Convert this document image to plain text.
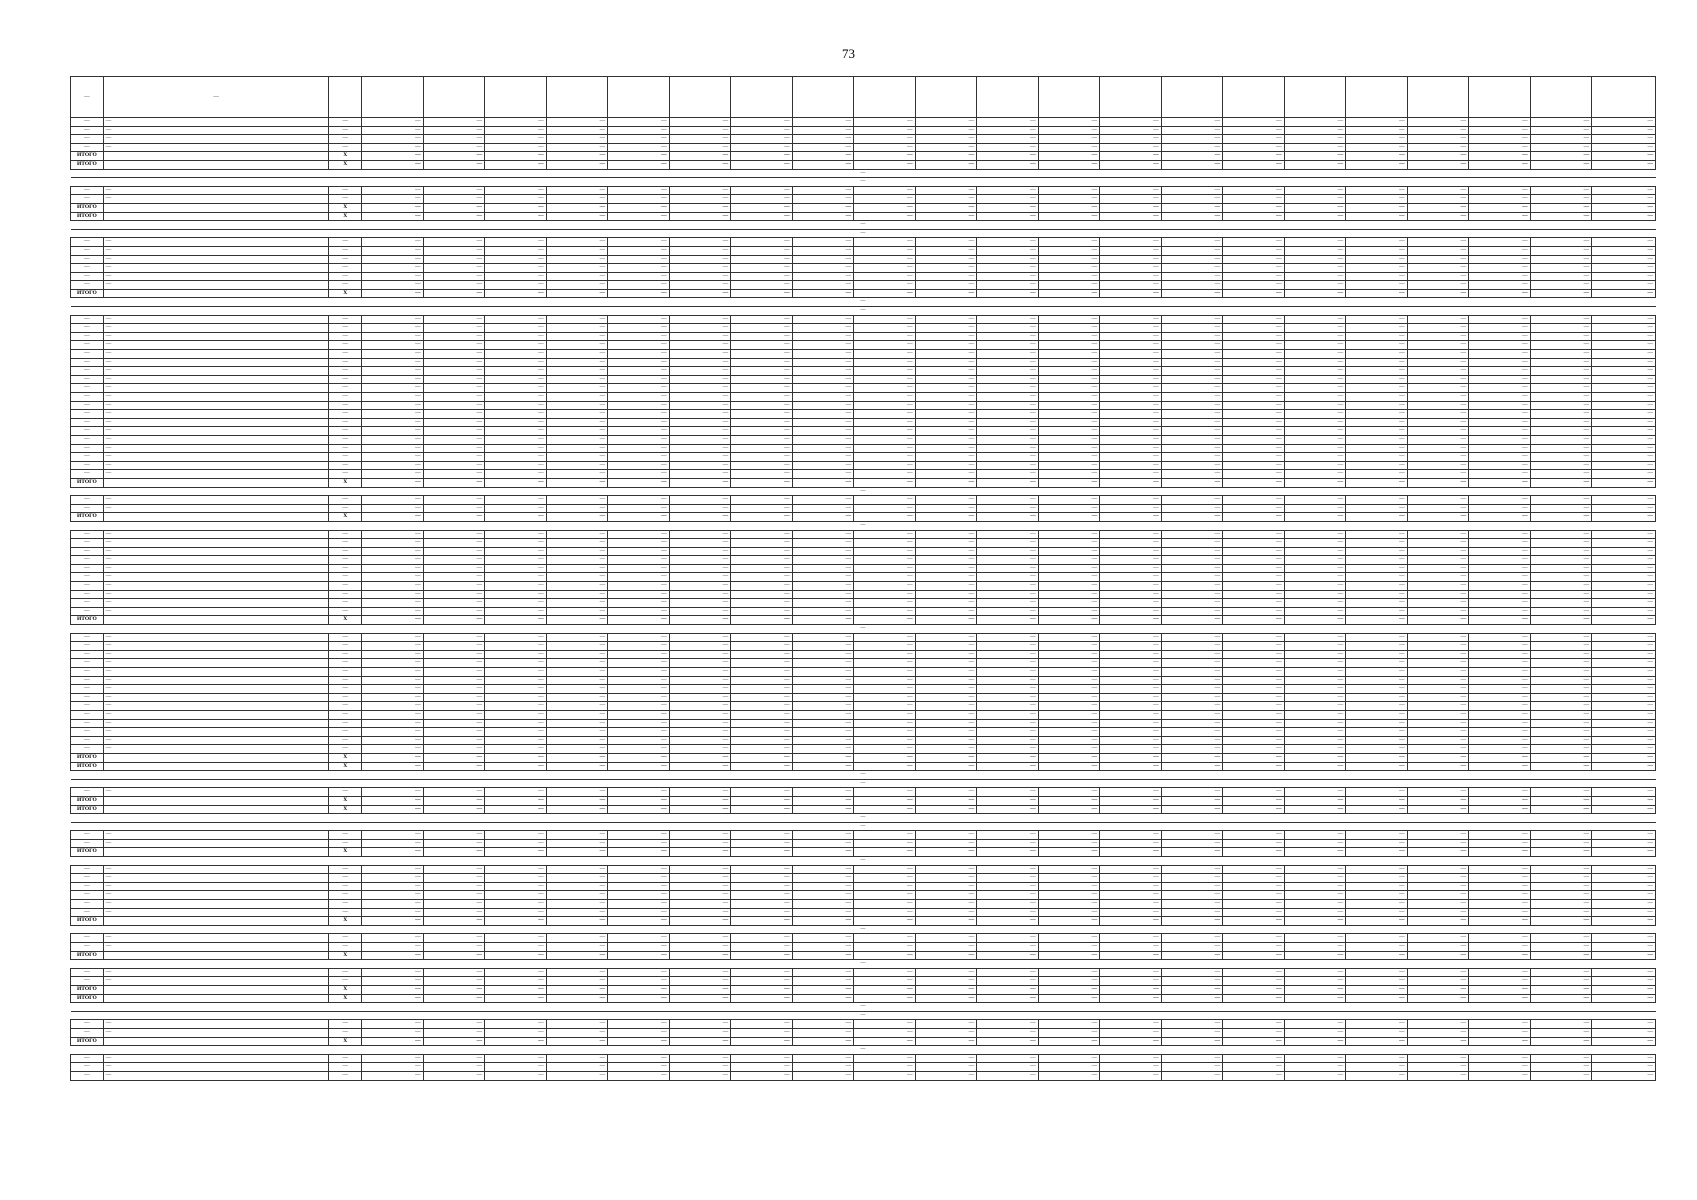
73
—	—																						
—	—	—	—	—	—	—	—	—	—	—	—	—	—	—	—	—	—	—	—	—	—	—	—
—	—	—	—	—	—	—	—	—	—	—	—	—	—	—	—	—	—	—	—	—	—	—	—
—	—	—	—	—	—	—	—	—	—	—	—	—	—	—	—	—	—	—	—	—	—	—	—
—	—	—	—	—	—	—	—	—	—	—	—	—	—	—	—	—	—	—	—	—	—	—	—
ИТОГО		X	—	—	—	—	—	—	—	—	—	—	—	—	—	—	—	—	—	—	—	—	—
ИТОГО		X	—	—	—	—	—	—	—	—	—	—	—	—	—	—	—	—	—	—	—	—	—
—																							
—																							
—	—	—	—	—	—	—	—	—	—	—	—	—	—	—	—	—	—	—	—	—	—	—	—
—	—	—	—	—	—	—	—	—	—	—	—	—	—	—	—	—	—	—	—	—	—	—	—
ИТОГО		X	—	—	—	—	—	—	—	—	—	—	—	—	—	—	—	—	—	—	—	—	—
ИТОГО		X	—	—	—	—	—	—	—	—	—	—	—	—	—	—	—	—	—	—	—	—	—
—																							
—																							
—	—	—	—	—	—	—	—	—	—	—	—	—	—	—	—	—	—	—	—	—	—	—	—
—	—	—	—	—	—	—	—	—	—	—	—	—	—	—	—	—	—	—	—	—	—	—	—
—	—	—	—	—	—	—	—	—	—	—	—	—	—	—	—	—	—	—	—	—	—	—	—
—	—	—	—	—	—	—	—	—	—	—	—	—	—	—	—	—	—	—	—	—	—	—	—
—	—	—	—	—	—	—	—	—	—	—	—	—	—	—	—	—	—	—	—	—	—	—	—
—	—	—	—	—	—	—	—	—	—	—	—	—	—	—	—	—	—	—	—	—	—	—	—
ИТОГО		X	—	—	—	—	—	—	—	—	—	—	—	—	—	—	—	—	—	—	—	—	—
—																							
—																							
—	—	—	—	—	—	—	—	—	—	—	—	—	—	—	—	—	—	—	—	—	—	—	—
—	—	—	—	—	—	—	—	—	—	—	—	—	—	—	—	—	—	—	—	—	—	—	—
—	—	—	—	—	—	—	—	—	—	—	—	—	—	—	—	—	—	—	—	—	—	—	—
—	—	—	—	—	—	—	—	—	—	—	—	—	—	—	—	—	—	—	—	—	—	—	—
—	—	—	—	—	—	—	—	—	—	—	—	—	—	—	—	—	—	—	—	—	—	—	—
—	—	—	—	—	—	—	—	—	—	—	—	—	—	—	—	—	—	—	—	—	—	—	—
—	—	—	—	—	—	—	—	—	—	—	—	—	—	—	—	—	—	—	—	—	—	—	—
—	—	—	—	—	—	—	—	—	—	—	—	—	—	—	—	—	—	—	—	—	—	—	—
—	—	—	—	—	—	—	—	—	—	—	—	—	—	—	—	—	—	—	—	—	—	—	—
—	—	—	—	—	—	—	—	—	—	—	—	—	—	—	—	—	—	—	—	—	—	—	—
—	—	—	—	—	—	—	—	—	—	—	—	—	—	—	—	—	—	—	—	—	—	—	—
—	—	—	—	—	—	—	—	—	—	—	—	—	—	—	—	—	—	—	—	—	—	—	—
—	—	—	—	—	—	—	—	—	—	—	—	—	—	—	—	—	—	—	—	—	—	—	—
—	—	—	—	—	—	—	—	—	—	—	—	—	—	—	—	—	—	—	—	—	—	—	—
—	—	—	—	—	—	—	—	—	—	—	—	—	—	—	—	—	—	—	—	—	—	—	—
—	—	—	—	—	—	—	—	—	—	—	—	—	—	—	—	—	—	—	—	—	—	—	—
—	—	—	—	—	—	—	—	—	—	—	—	—	—	—	—	—	—	—	—	—	—	—	—
—	—	—	—	—	—	—	—	—	—	—	—	—	—	—	—	—	—	—	—	—	—	—	—
—	—	—	—	—	—	—	—	—	—	—	—	—	—	—	—	—	—	—	—	—	—	—	—
ИТОГО		X	—	—	—	—	—	—	—	—	—	—	—	—	—	—	—	—	—	—	—	—	—
—																							
—	—	—	—	—	—	—	—	—	—	—	—	—	—	—	—	—	—	—	—	—	—	—	—
—	—	—	—	—	—	—	—	—	—	—	—	—	—	—	—	—	—	—	—	—	—	—	—
ИТОГО		X	—	—	—	—	—	—	—	—	—	—	—	—	—	—	—	—	—	—	—	—	—
—																							
—	—	—	—	—	—	—	—	—	—	—	—	—	—	—	—	—	—	—	—	—	—	—	—
—	—	—	—	—	—	—	—	—	—	—	—	—	—	—	—	—	—	—	—	—	—	—	—
—	—	—	—	—	—	—	—	—	—	—	—	—	—	—	—	—	—	—	—	—	—	—	—
—	—	—	—	—	—	—	—	—	—	—	—	—	—	—	—	—	—	—	—	—	—	—	—
—	—	—	—	—	—	—	—	—	—	—	—	—	—	—	—	—	—	—	—	—	—	—	—
—	—	—	—	—	—	—	—	—	—	—	—	—	—	—	—	—	—	—	—	—	—	—	—
—	—	—	—	—	—	—	—	—	—	—	—	—	—	—	—	—	—	—	—	—	—	—	—
—	—	—	—	—	—	—	—	—	—	—	—	—	—	—	—	—	—	—	—	—	—	—	—
—	—	—	—	—	—	—	—	—	—	—	—	—	—	—	—	—	—	—	—	—	—	—	—
—	—	—	—	—	—	—	—	—	—	—	—	—	—	—	—	—	—	—	—	—	—	—	—
ИТОГО		X	—	—	—	—	—	—	—	—	—	—	—	—	—	—	—	—	—	—	—	—	—
—																							
—	—	—	—	—	—	—	—	—	—	—	—	—	—	—	—	—	—	—	—	—	—	—	—
—	—	—	—	—	—	—	—	—	—	—	—	—	—	—	—	—	—	—	—	—	—	—	—
—	—	—	—	—	—	—	—	—	—	—	—	—	—	—	—	—	—	—	—	—	—	—	—
—	—	—	—	—	—	—	—	—	—	—	—	—	—	—	—	—	—	—	—	—	—	—	—
—	—	—	—	—	—	—	—	—	—	—	—	—	—	—	—	—	—	—	—	—	—	—	—
—	—	—	—	—	—	—	—	—	—	—	—	—	—	—	—	—	—	—	—	—	—	—	—
—	—	—	—	—	—	—	—	—	—	—	—	—	—	—	—	—	—	—	—	—	—	—	—
—	—	—	—	—	—	—	—	—	—	—	—	—	—	—	—	—	—	—	—	—	—	—	—
—	—	—	—	—	—	—	—	—	—	—	—	—	—	—	—	—	—	—	—	—	—	—	—
—	—	—	—	—	—	—	—	—	—	—	—	—	—	—	—	—	—	—	—	—	—	—	—
—	—	—	—	—	—	—	—	—	—	—	—	—	—	—	—	—	—	—	—	—	—	—	—
—	—	—	—	—	—	—	—	—	—	—	—	—	—	—	—	—	—	—	—	—	—	—	—
—	—	—	—	—	—	—	—	—	—	—	—	—	—	—	—	—	—	—	—	—	—	—	—
—	—	—	—	—	—	—	—	—	—	—	—	—	—	—	—	—	—	—	—	—	—	—	—
ИТОГО		X	—	—	—	—	—	—	—	—	—	—	—	—	—	—	—	—	—	—	—	—	—
ИТОГО		X	—	—	—	—	—	—	—	—	—	—	—	—	—	—	—	—	—	—	—	—	—
—																							
—																							
—	—	—	—	—	—	—	—	—	—	—	—	—	—	—	—	—	—	—	—	—	—	—	—
ИТОГО		X	—	—	—	—	—	—	—	—	—	—	—	—	—	—	—	—	—	—	—	—	—
ИТОГО		X	—	—	—	—	—	—	—	—	—	—	—	—	—	—	—	—	—	—	—	—	—
—																							
—																							
—	—	—	—	—	—	—	—	—	—	—	—	—	—	—	—	—	—	—	—	—	—	—	—
—	—	—	—	—	—	—	—	—	—	—	—	—	—	—	—	—	—	—	—	—	—	—	—
ИТОГО		X	—	—	—	—	—	—	—	—	—	—	—	—	—	—	—	—	—	—	—	—	—
—																							
—	—	—	—	—	—	—	—	—	—	—	—	—	—	—	—	—	—	—	—	—	—	—	—
—	—	—	—	—	—	—	—	—	—	—	—	—	—	—	—	—	—	—	—	—	—	—	—
—	—	—	—	—	—	—	—	—	—	—	—	—	—	—	—	—	—	—	—	—	—	—	—
—	—	—	—	—	—	—	—	—	—	—	—	—	—	—	—	—	—	—	—	—	—	—	—
—	—	—	—	—	—	—	—	—	—	—	—	—	—	—	—	—	—	—	—	—	—	—	—
—	—	—	—	—	—	—	—	—	—	—	—	—	—	—	—	—	—	—	—	—	—	—	—
ИТОГО		X	—	—	—	—	—	—	—	—	—	—	—	—	—	—	—	—	—	—	—	—	—
—																							
—	—	—	—	—	—	—	—	—	—	—	—	—	—	—	—	—	—	—	—	—	—	—	—
—	—	—	—	—	—	—	—	—	—	—	—	—	—	—	—	—	—	—	—	—	—	—	—
ИТОГО		X	—	—	—	—	—	—	—	—	—	—	—	—	—	—	—	—	—	—	—	—	—
—																							
—	—	—	—	—	—	—	—	—	—	—	—	—	—	—	—	—	—	—	—	—	—	—	—
—	—	—	—	—	—	—	—	—	—	—	—	—	—	—	—	—	—	—	—	—	—	—	—
ИТОГО		X	—	—	—	—	—	—	—	—	—	—	—	—	—	—	—	—	—	—	—	—	—
ИТОГО		X	—	—	—	—	—	—	—	—	—	—	—	—	—	—	—	—	—	—	—	—	—
—																							
—																							
—	—	—	—	—	—	—	—	—	—	—	—	—	—	—	—	—	—	—	—	—	—	—	—
—	—	—	—	—	—	—	—	—	—	—	—	—	—	—	—	—	—	—	—	—	—	—	—
ИТОГО		X	—	—	—	—	—	—	—	—	—	—	—	—	—	—	—	—	—	—	—	—	—
—																							
—	—	—	—	—	—	—	—	—	—	—	—	—	—	—	—	—	—	—	—	—	—	—	—
—	—	—	—	—	—	—	—	—	—	—	—	—	—	—	—	—	—	—	—	—	—	—	—
—	—	—	—	—	—	—	—	—	—	—	—	—	—	—	—	—	—	—	—	—	—	—	—
